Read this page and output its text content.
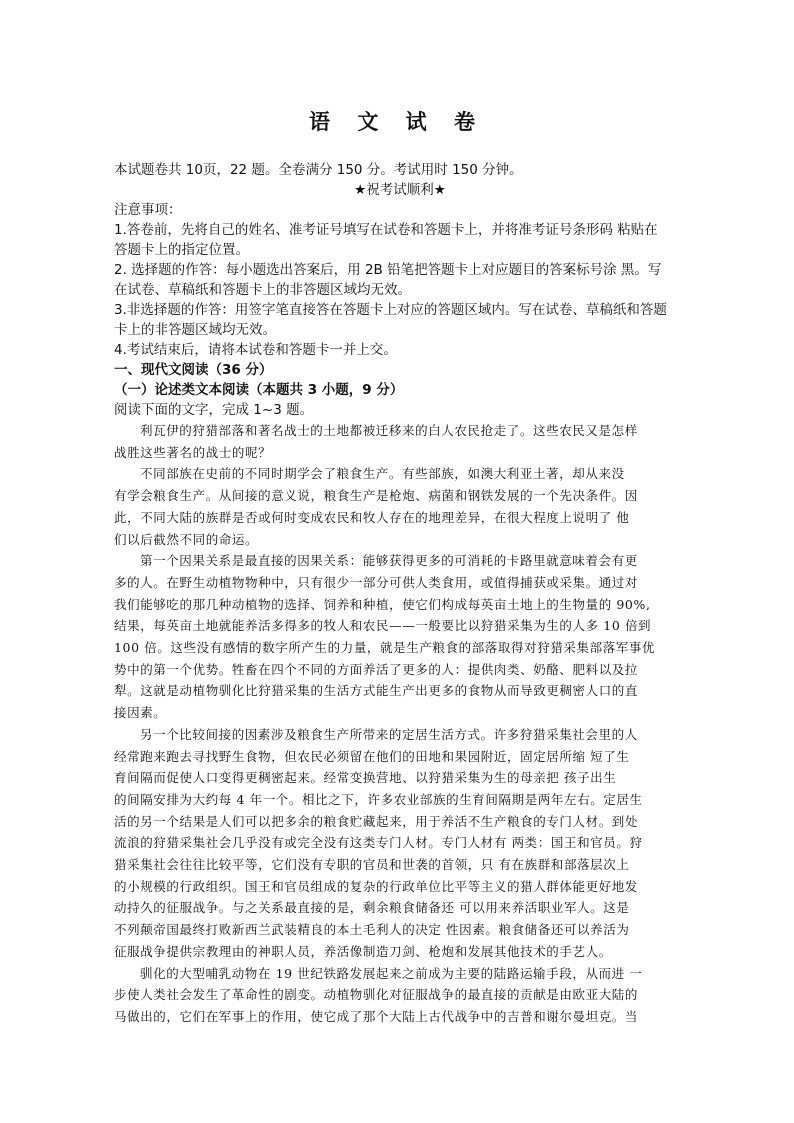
语 文 试 卷
本试题卷共 10页，22 题。全卷满分 150 分。考试用时 150 分钟。
★祝考试顺利★
注意事项：
1.答卷前，先将自己的姓名、准考证号填写在试卷和答题卡上，并将准考证号条形码 粘贴在
答题卡上的指定位置。
2. 选择题的作答：每小题选出答案后，用 2B 铅笔把答题卡上对应题目的答案标号涂 黑。写
在试卷、草稿纸和答题卡上的非答题区域均无效。
3.非选择题的作答：用签字笔直接答在答题卡上对应的答题区域内。写在试卷、草稿纸和答题
卡上的非答题区域均无效。
4.考试结束后，请将本试卷和答题卡一并上交。
一、现代文阅读（36 分）
（一）论述类文本阅读（本题共 3 小题，9 分）
阅读下面的文字，完成 1~3 题。
利瓦伊的狩猎部落和著名战士的土地都被迁移来的白人农民抢走了。这些农民又是怎样
战胜这些著名的战士的呢？
不同部族在史前的不同时期学会了粮食生产。有些部族，如澳大利亚土著，却从来没
有学会粮食生产。从间接的意义说，粮食生产是枪炮、病菌和钢铁发展的一个先决条件。因
此，不同大陆的族群是否或何时变成农民和牧人存在的地理差异，在很大程度上说明了 他
们以后截然不同的命运。
第一个因果关系是最直接的因果关系：能够获得更多的可消耗的卡路里就意味着会有更
多的人。在野生动植物物种中，只有很少一部分可供人类食用，或值得捕获或采集。通过对
我们能够吃的那几种动植物的选择、饲养和种植，使它们构成每英亩土地上的生物量的 90%,
结果，每英亩土地就能养活多得多的牧人和农民——一般要比以狩猎采集为生的人多 10 倍到
100 倍。这些没有感情的数字所产生的力量，就是生产粮食的部落取得对狩猎采集部落军事优
势中的第一个优势。牲畜在四个不同的方面养活了更多的人：提供肉类、奶酪、肥料以及拉
犁。这就是动植物驯化比狩猎采集的生活方式能生产出更多的食物从而导致更稠密人口的直
接因素。
另一个比较间接的因素涉及粮食生产所带来的定居生活方式。许多狩猎采集社会里的人
经常跑来跑去寻找野生食物，但农民必须留在他们的田地和果园附近，固定居所缩 短了生
育间隔而促使人口变得更稠密起来。经常变换营地、以狩猎采集为生的母亲把 孩子出生
的间隔安排为大约每 4 年一个。相比之下，许多农业部族的生育间隔期是两年左右。定居生
活的另一个结果是人们可以把多余的粮食贮藏起来，用于养活不生产粮食的专门人材。到处
流浪的狩猎采集社会几乎没有或完全没有这类专门人材。专门人材有 两类：国王和官员。狩
猎采集社会往往比较平等，它们没有专职的官员和世袭的首领，只 有在族群和部落层次上
的小规模的行政组织。国王和官员组成的复杂的行政单位比平等主义的猎人群体能更好地发
动持久的征服战争。与之关系最直接的是，剩余粮食储备还 可以用来养活职业军人。这是
不列颠帝国最终打败新西兰武装精良的本土毛利人的决定 性因素。粮食储备还可以养活为
征服战争提供宗教理由的神职人员，养活像制造刀剑、枪炮和发展其他技术的手艺人。
驯化的大型哺乳动物在 19 世纪铁路发展起来之前成为主要的陆路运输手段，从而进 一
步使人类社会发生了革命性的剧变。动植物驯化对征服战争的最直接的贡献是由欧亚大陆的
马做出的，它们在军事上的作用，使它成了那个大陆上古代战争中的吉普和谢尔曼坦克。当
